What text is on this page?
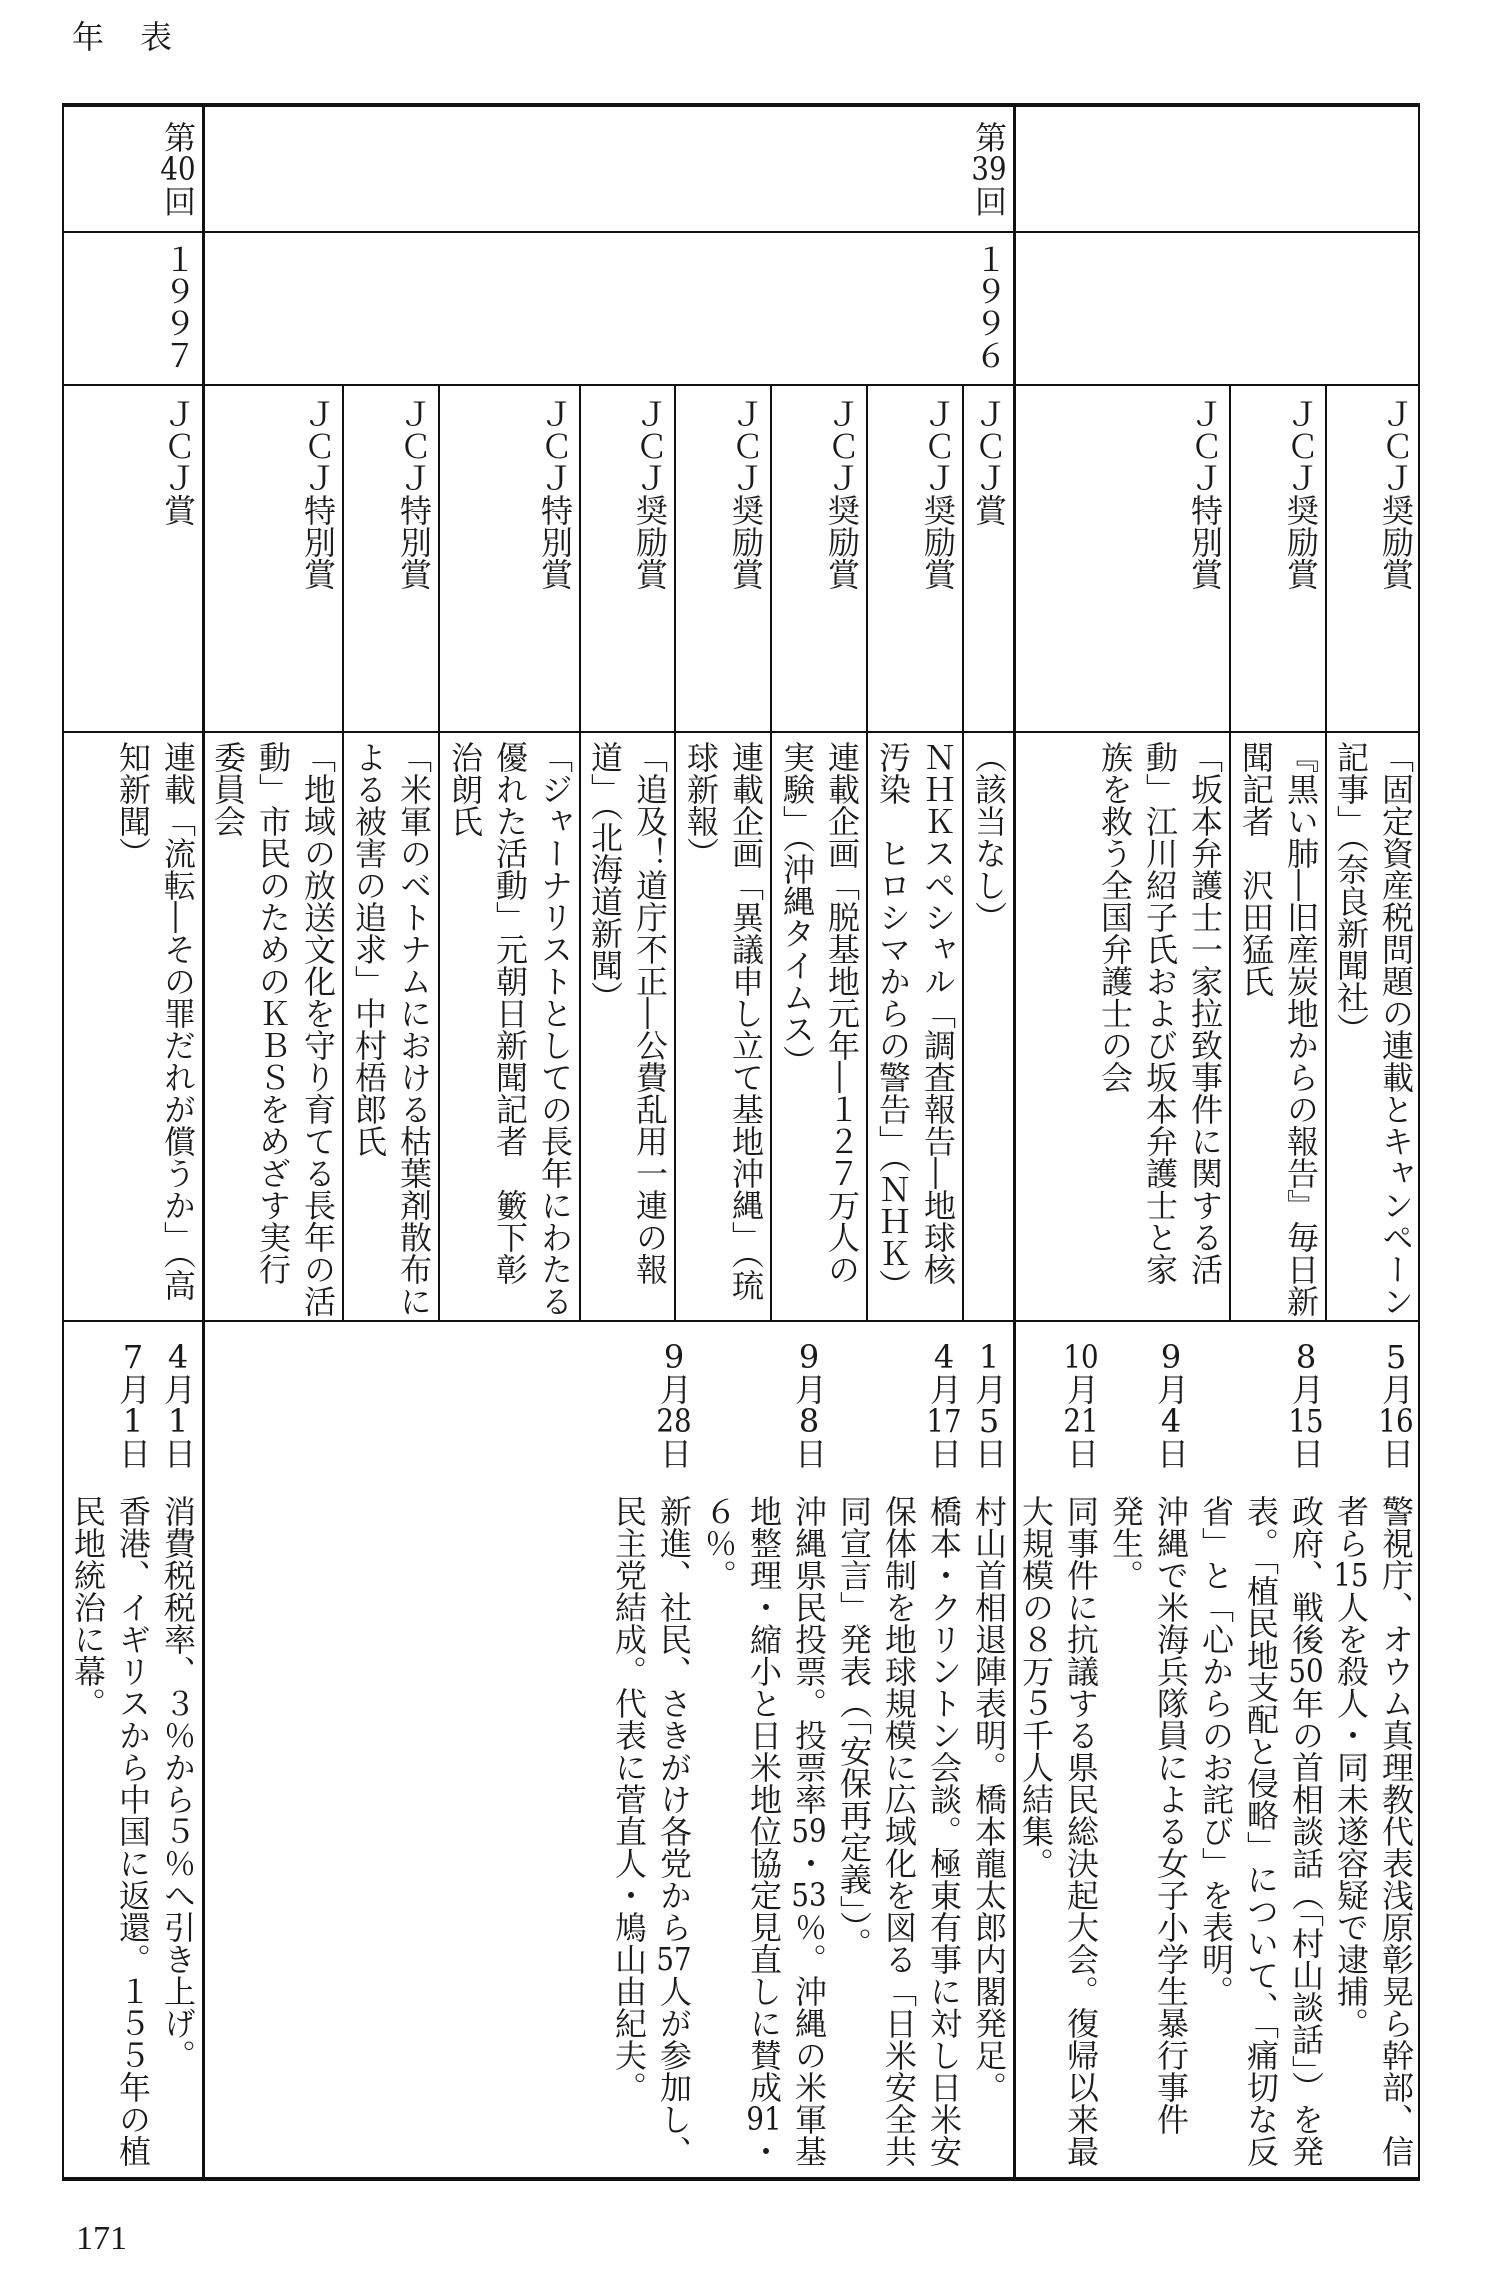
年　表
ＪＣＪ奨励賞
「固定資産税問題の連載とキャンペーン
記事」（奈良新聞社）
ＪＣＪ奨励賞
『黒い肺―旧産炭地からの報告』毎日新
聞記者　沢田猛氏
ＪＣＪ特別賞
「坂本弁護士一家拉致事件に関する活
動」江川紹子氏および坂本弁護士と家
族を救う全国弁護士の会
5月16日
警視庁、オウム真理教代表浅原彰晃ら幹部、信
者ら15人を殺人・同未遂容疑で逮捕。
8月15日
政府、戦後50年の首相談話（「村山談話」）を発
表。「植民地支配と侵略」について、「痛切な反
省」と「心からのお詫び」を表明。
9月4日
沖縄で米海兵隊員による女子小学生暴行事件
発生。
10月21日
同事件に抗議する県民総決起大会。復帰以来最
大規模の８万５千人結集。
第39回
１９９６
ＪＣＪ賞
（該当なし）
ＪＣＪ奨励賞
ＮＨＫスペシャル「調査報告―地球核
汚染　ヒロシマからの警告」（ＮＨＫ）
ＪＣＪ奨励賞
連載企画「脱基地元年―１２７万人の
実験」（沖縄タイムス）
ＪＣＪ奨励賞
連載企画「異議申し立て基地沖縄」（琉
球新報）
ＪＣＪ奨励賞
「追及！道庁不正―公費乱用一連の報
道」（北海道新聞）
ＪＣＪ特別賞
「ジャーナリストとしての長年にわたる
優れた活動」元朝日新聞記者　籔下彰
治朗氏
ＪＣＪ特別賞
「米軍のベトナムにおける枯葉剤散布に
よる被害の追求」中村梧郎氏
ＪＣＪ特別賞
「地域の放送文化を守り育てる長年の活
動」市民のためのＫＢＳをめざす実行
委員会
1月5日
村山首相退陣表明。橋本龍太郎内閣発足。
4月17日
橋本・クリントン会談。極東有事に対し日米安
保体制を地球規模に広域化を図る「日米安全共
同宣言」発表（「安保再定義」）。
9月8日
沖縄県民投票。投票率59・53％。沖縄の米軍基
地整理・縮小と日米地位協定見直しに賛成91・
６％。
9月28日
新進、社民、さきがけ各党から57人が参加し、
民主党結成。代表に菅直人・鳩山由紀夫。
第40回
１９９７
ＪＣＪ賞
連載「流転―その罪だれが償うか」（高
知新聞）
4月1日
消費税税率、３％から５％へ引き上げ。
7月1日
香港、イギリスから中国に返還。１５５年の植
民地統治に幕。
171
